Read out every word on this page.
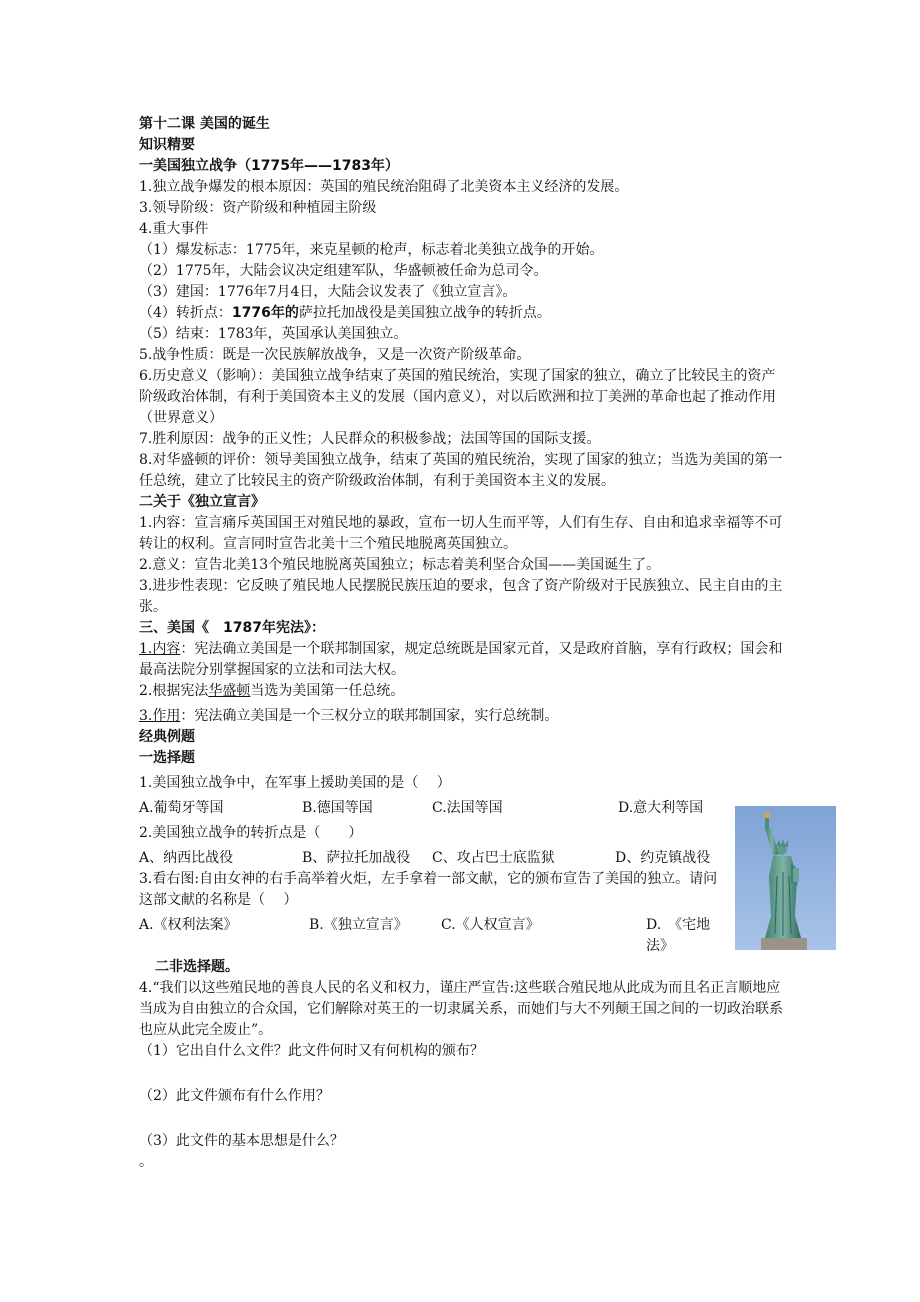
第十二课 美国的诞生
知识精要
一美国独立战争（1775年——1783年）
1.独立战争爆发的根本原因：英国的殖民统治阻碍了北美资本主义经济的发展。
3.领导阶级：资产阶级和种植园主阶级
4.重大事件
（1）爆发标志：1775年，来克星顿的枪声，标志着北美独立战争的开始。
（2）1775年，大陆会议决定组建军队，华盛顿被任命为总司令。
（3）建国：1776年7月4日，大陆会议发表了《独立宣言》。
（4）转折点：1776年的萨拉托加战役是美国独立战争的转折点。
（5）结束：1783年，英国承认美国独立。
5.战争性质：既是一次民族解放战争，又是一次资产阶级革命。
6.历史意义（影响）：美国独立战争结束了英国的殖民统治，实现了国家的独立，确立了比较民主的资产阶级政治体制，有利于美国资本主义的发展（国内意义），对以后欧洲和拉丁美洲的革命也起了推动作用（世界意义）
7.胜利原因：战争的正义性；人民群众的积极参战；法国等国的国际支援。
8.对华盛顿的评价：领导美国独立战争，结束了英国的殖民统治，实现了国家的独立；当选为美国的第一任总统，建立了比较民主的资产阶级政治体制，有利于美国资本主义的发展。
二关于《独立宣言》
1.内容：宣言痛斥英国国王对殖民地的暴政，宣布一切人生而平等，人们有生存、自由和追求幸福等不可转让的权利。宣言同时宣告北美十三个殖民地脱离英国独立。
2.意义：宣告北美13个殖民地脱离英国独立；标志着美利坚合众国——美国诞生了。
3.进步性表现：它反映了殖民地人民摆脱民族压迫的要求，包含了资产阶级对于民族独立、民主自由的主张。
三、美国《　1787年宪法》：
1.内容：宪法确立美国是一个联邦制国家，规定总统既是国家元首，又是政府首脑，享有行政权；国会和最高法院分别掌握国家的立法和司法大权。
2.根据宪法华盛顿当选为美国第一任总统。
3.作用：宪法确立美国是一个三权分立的联邦制国家，实行总统制。
经典例题
一选择题
1.美国独立战争中，在军事上援助美国的是（　 ）
A.葡萄牙等国	B.德国等国	C.法国等国	D.意大利等国
2.美国独立战争的转折点是（　　）
A、纳西比战役	B、萨拉托加战役	C、攻占巴士底监狱	D、约克镇战役
3.看右图:自由女神的右手高举着火炬，左手拿着一部文献，它的颁布宣告了美国的独立。请问这部文献的名称是（　 ）
A.《权利法案》	B.《独立宣言》	C.《人权宣言》	D.　《宅地法》
二非选择题。
4.“我们以这些殖民地的善良人民的名义和权力，谨庄严宣告:这些联合殖民地从此成为而且名正言顺地应当成为自由独立的合众国，它们解除对英王的一切隶属关系，而她们与大不列颠王国之间的一切政治联系也应从此完全废止”。
（1）它出自什么文件？此文件何时又有何机构的颁布？
（2）此文件颁布有什么作用？
（3）此文件的基本思想是什么？
。
